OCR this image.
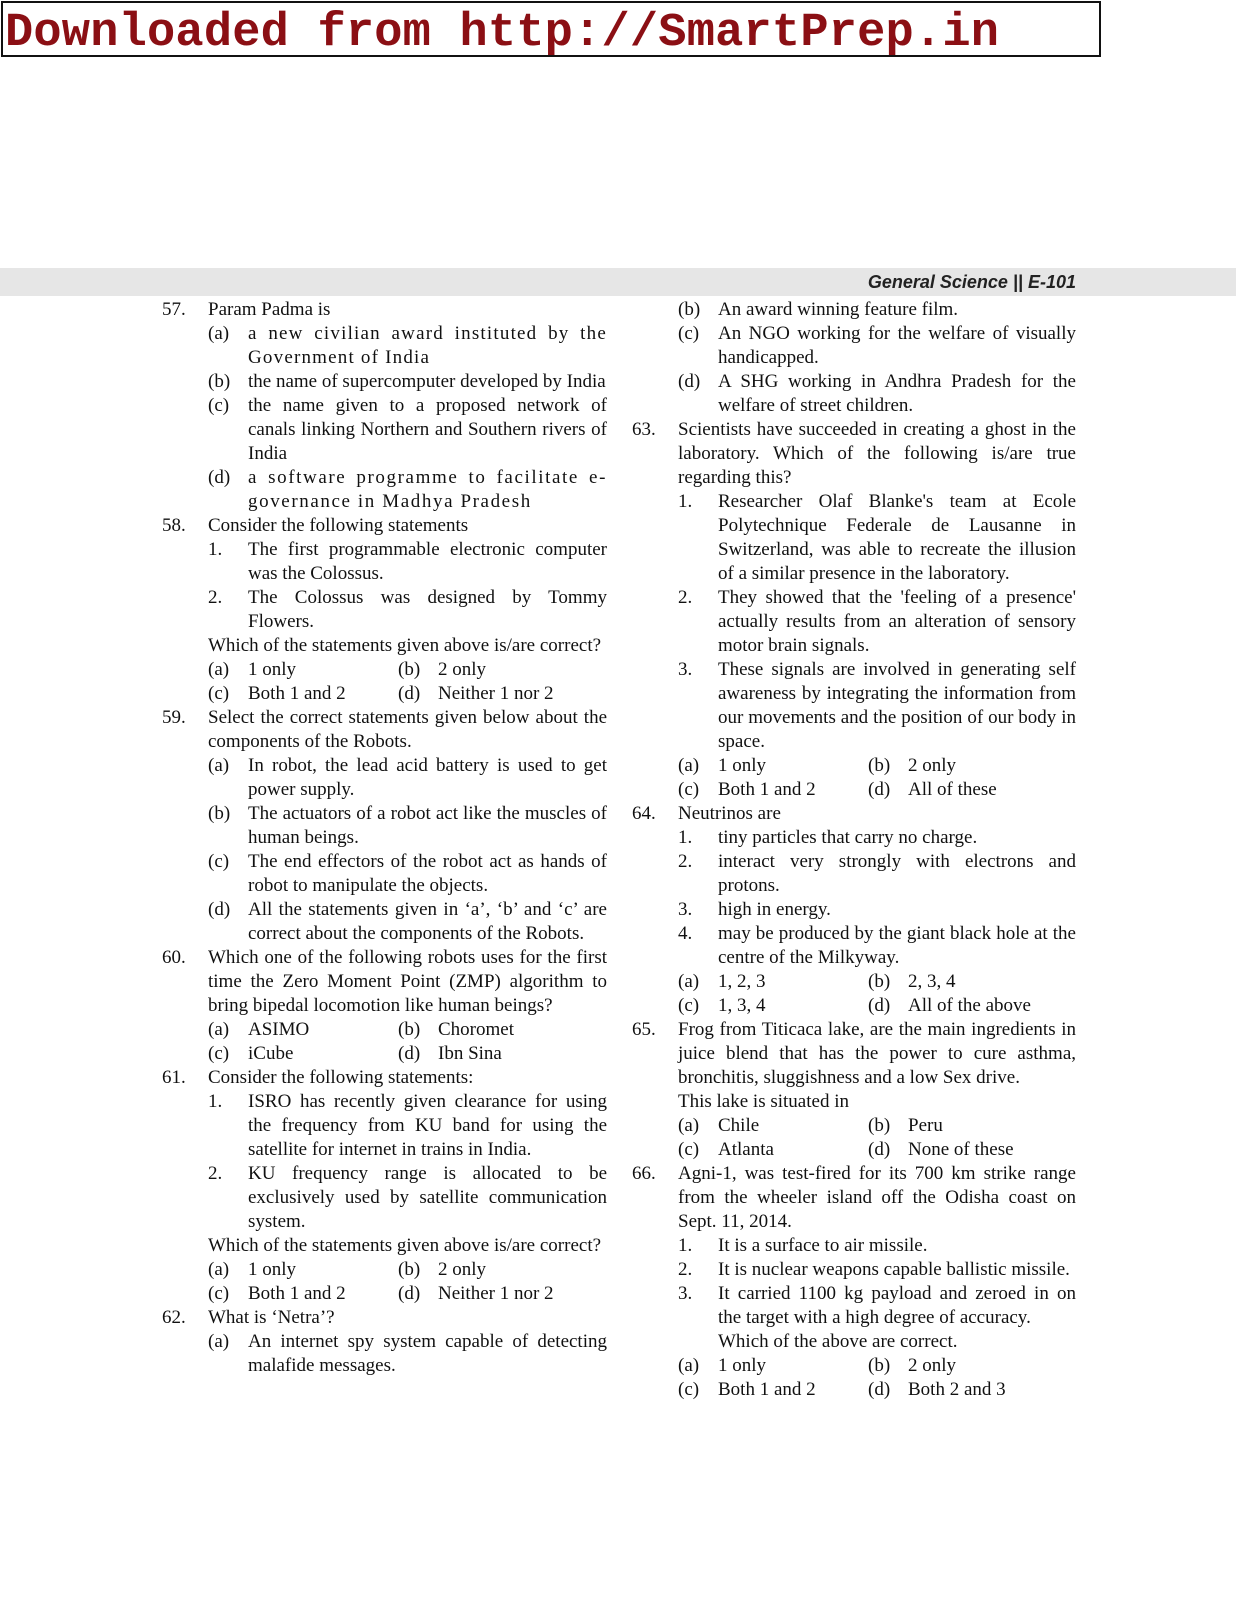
Downloaded from http://SmartPrep.in
General Science || E-101
57. Param Padma is
(a) a new civilian award instituted by the Government of India
(b) the name of supercomputer developed by India
(c) the name given to a proposed network of canals linking Northern and Southern rivers of India
(d) a software programme to facilitate e-governance in Madhya Pradesh
58. Consider the following statements
1. The first programmable electronic computer was the Colossus.
2. The Colossus was designed by Tommy Flowers.
Which of the statements given above is/are correct?
(a) 1 only	(b) 2 only
(c) Both 1 and 2	(d) Neither 1 nor 2
59. Select the correct statements given below about the components of the Robots.
(a) In robot, the lead acid battery is used to get power supply.
(b) The actuators of a robot act like the muscles of human beings.
(c) The end effectors of the robot act as hands of robot to manipulate the objects.
(d) All the statements given in ‘a’, ‘b’ and ‘c’ are correct about the components of the Robots.
60. Which one of the following robots uses for the first time the Zero Moment Point (ZMP) algorithm to bring bipedal locomotion like human beings?
(a) ASIMO	(b) Choromet
(c) iCube	(d) Ibn Sina
61. Consider the following statements:
1. ISRO has recently given clearance for using the frequency from KU band for using the satellite for internet in trains in India.
2. KU frequency range is allocated to be exclusively used by satellite communication system.
Which of the statements given above is/are correct?
(a) 1 only	(b) 2 only
(c) Both 1 and 2	(d) Neither 1 nor 2
62. What is ‘Netra’?
(a) An internet spy system capable of detecting malafide messages.
(b) An award winning feature film.
(c) An NGO working for the welfare of visually handicapped.
(d) A SHG working in Andhra Pradesh for the welfare of street children.
63. Scientists have succeeded in creating a ghost in the laboratory. Which of the following is/are true regarding this?
1. Researcher Olaf Blanke's team at Ecole Polytechnique Federale de Lausanne in Switzerland, was able to recreate the illusion of a similar presence in the laboratory.
2. They showed that the 'feeling of a presence' actually results from an alteration of sensory motor brain signals.
3. These signals are involved in generating self awareness by integrating the information from our movements and the position of our body in space.
(a) 1 only	(b) 2 only
(c) Both 1 and 2	(d) All of these
64. Neutrinos are
1. tiny particles that carry no charge.
2. interact very strongly with electrons and protons.
3. high in energy.
4. may be produced by the giant black hole at the centre of the Milkyway.
(a) 1, 2, 3	(b) 2, 3, 4
(c) 1, 3, 4	(d) All of the above
65. Frog from Titicaca lake, are the main ingredients in juice blend that has the power to cure asthma, bronchitis, sluggishness and a low Sex drive.
This lake is situated in
(a) Chile	(b) Peru
(c) Atlanta	(d) None of these
66. Agni-1, was test-fired for its 700 km strike range from the wheeler island off the Odisha coast on Sept. 11, 2014.
1. It is a surface to air missile.
2. It is nuclear weapons capable ballistic missile.
3. It carried 1100 kg payload and zeroed in on the target with a high degree of accuracy.
Which of the above are correct.
(a) 1 only	(b) 2 only
(c) Both 1 and 2	(d) Both 2 and 3
